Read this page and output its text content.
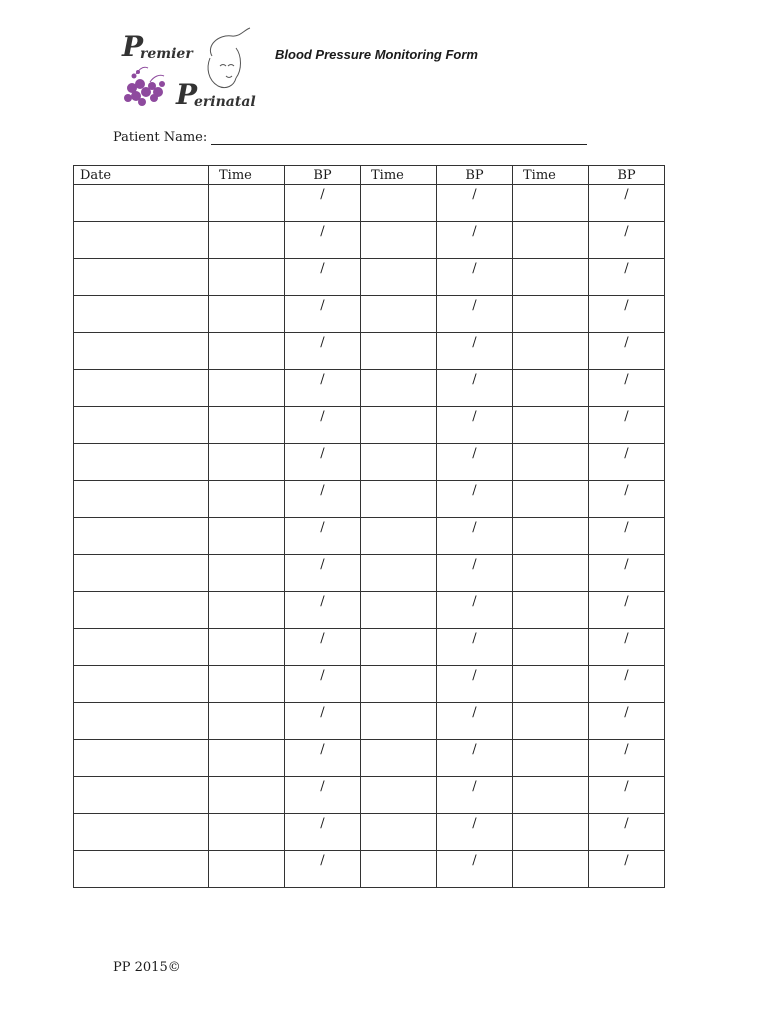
P
remier
P
erinatal
Blood Pressure Monitoring Form
Patient Name:
Date	Time	BP	Time	BP	Time	BP
		/		/		/
		/		/		/
		/		/		/
		/		/		/
		/		/		/
		/		/		/
		/		/		/
		/		/		/
		/		/		/
		/		/		/
		/		/		/
		/		/		/
		/		/		/
		/		/		/
		/		/		/
		/		/		/
		/		/		/
		/		/		/
		/		/		/
PP 2015©
